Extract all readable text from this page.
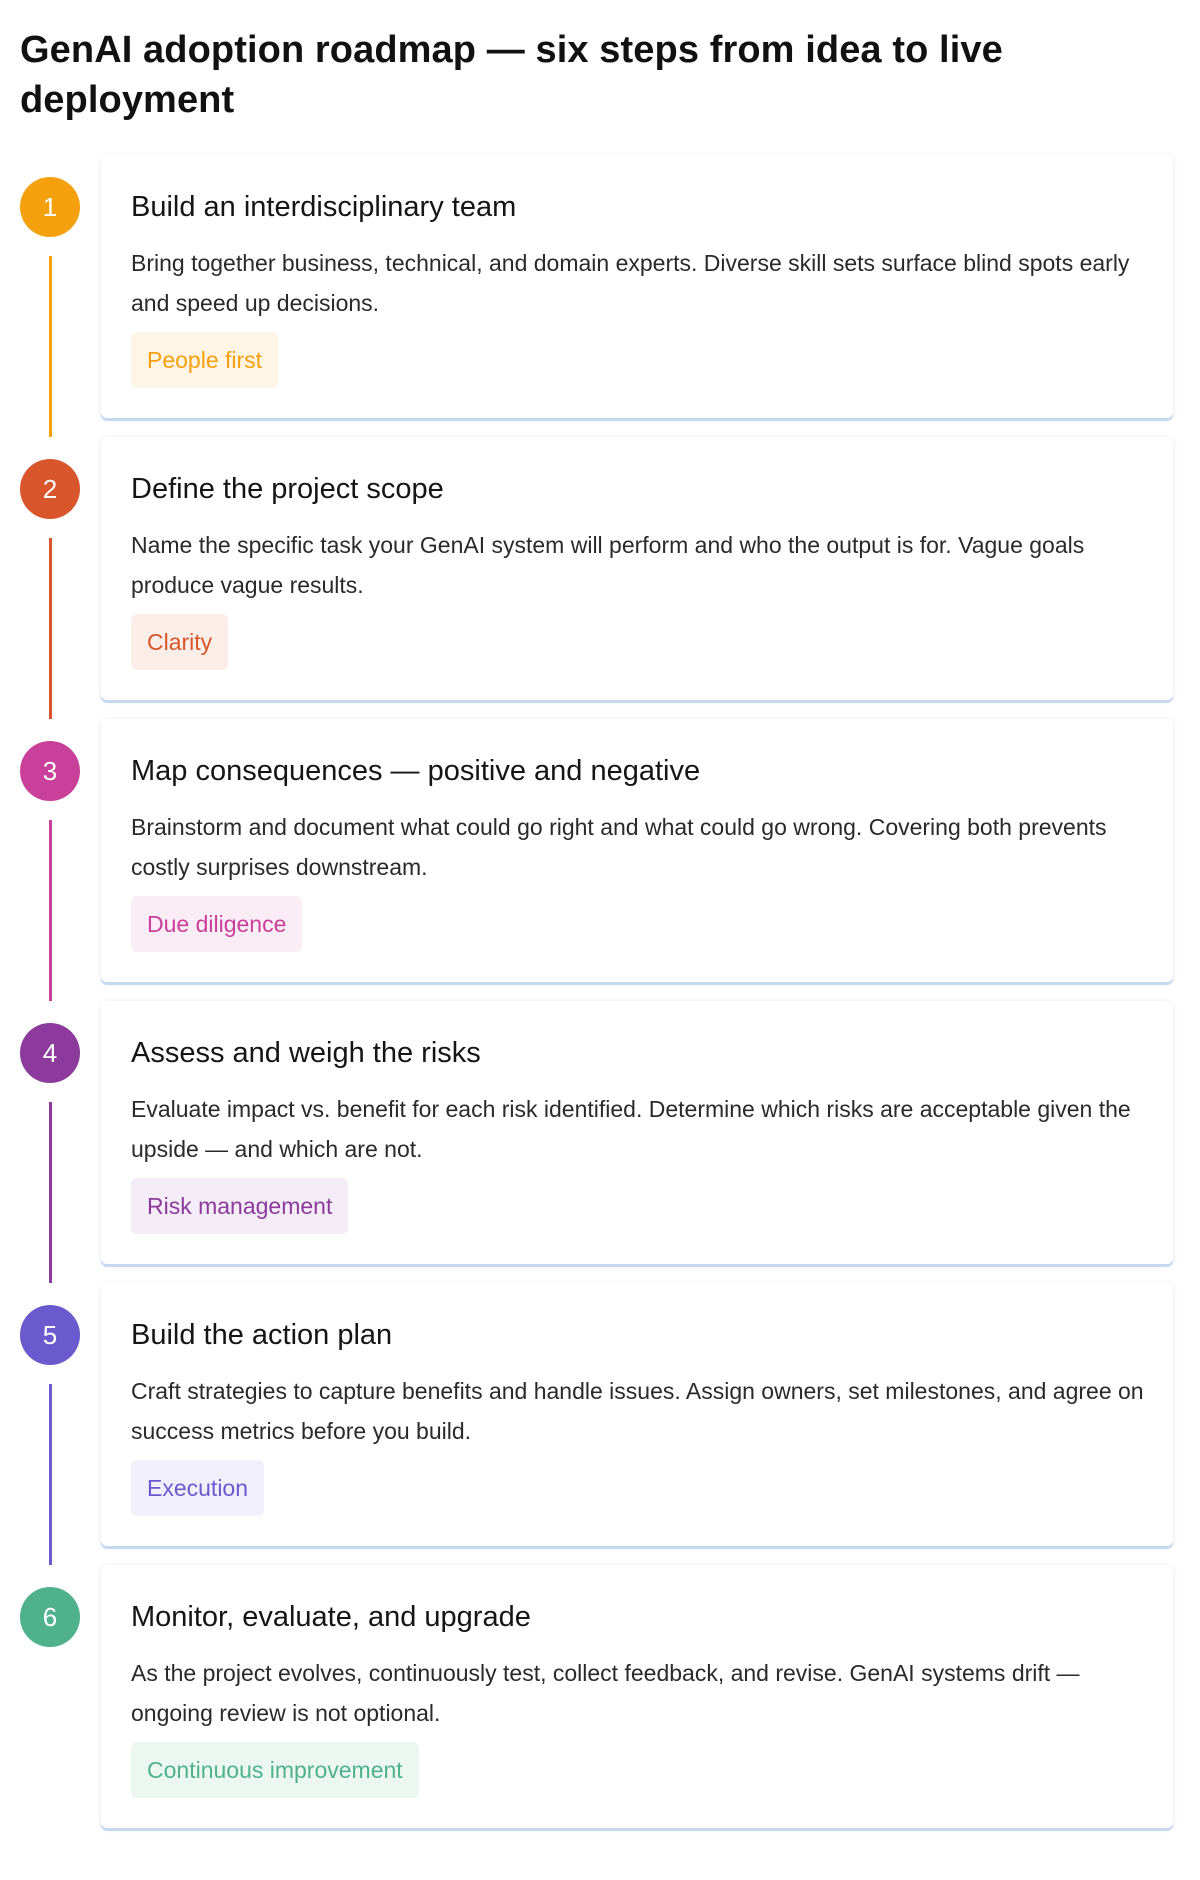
GenAI adoption roadmap — six steps from idea to live deployment
1	Build an interdisciplinary team
Bring together business, technical, and domain experts. Diverse skill sets surface blind spots early and speed up decisions.
People first
2	Define the project scope
Name the specific task your GenAI system will perform and who the output is for. Vague goals produce vague results.
Clarity
3	Map consequences — positive and negative
Brainstorm and document what could go right and what could go wrong. Covering both prevents costly surprises downstream.
Due diligence
4	Assess and weigh the risks
Evaluate impact vs. benefit for each risk identified. Determine which risks are acceptable given the upside — and which are not.
Risk management
5	Build the action plan
Craft strategies to capture benefits and handle issues. Assign owners, set milestones, and agree on success metrics before you build.
Execution
6	Monitor, evaluate, and upgrade
As the project evolves, continuously test, collect feedback, and revise. GenAI systems drift — ongoing review is not optional.
Continuous improvement
